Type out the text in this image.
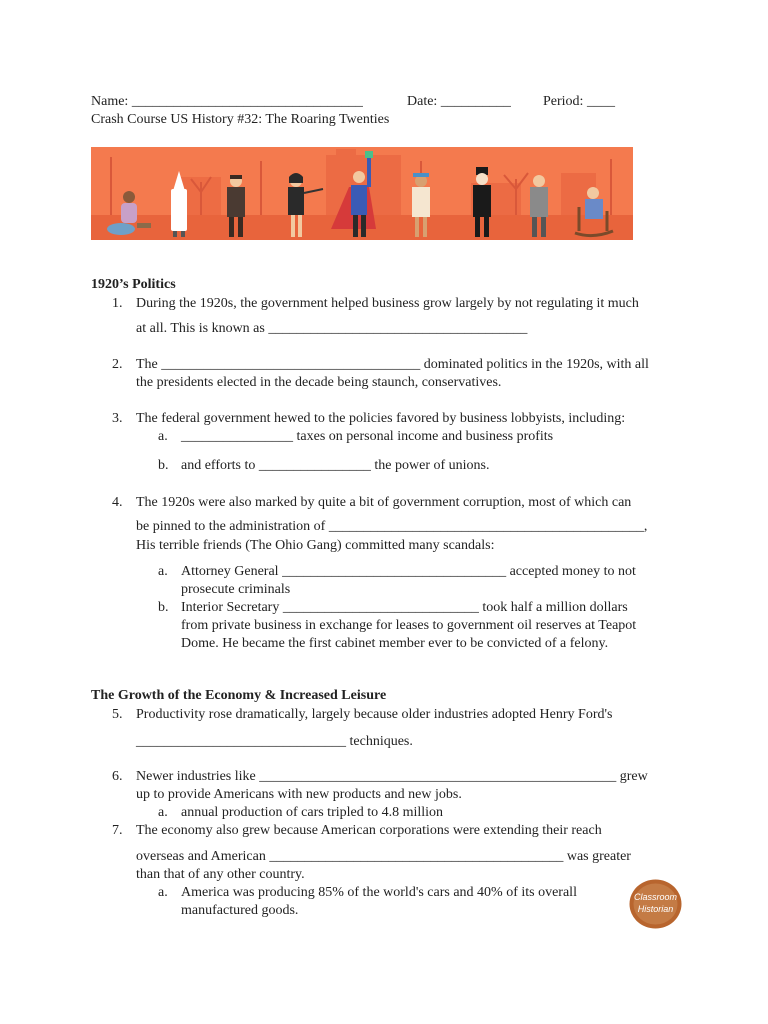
Name: _________________________________	Date: __________ Period: ____
Crash Course US History #32: The Roaring Twenties
1920’s Politics
1. During the 1920s, the government helped business grow largely by not regulating it much
at all. This is known as _____________________________________
2. The _____________________________________ dominated politics in the 1920s, with all
the presidents elected in the decade being staunch, conservatives.
3. The federal government hewed to the policies favored by business lobbyists, including:
a. ________________ taxes on personal income and business profits
b. and efforts to ________________ the power of unions.
4. The 1920s were also marked by quite a bit of government corruption, most of which can
be pinned to the administration of _____________________________________________,
His terrible friends (The Ohio Gang) committed many scandals:
a. Attorney General ________________________________ accepted money to not
prosecute criminals
b. Interior Secretary ____________________________ took half a million dollars
from private business in exchange for leases to government oil reserves at Teapot
Dome. He became the first cabinet member ever to be convicted of a felony.
The Growth of the Economy & Increased Leisure
5. Productivity rose dramatically, largely because older industries adopted Henry Ford's
______________________________ techniques.
6. Newer industries like ___________________________________________________ grew
up to provide Americans with new products and new jobs.
a. annual production of cars tripled to 4.8 million
7. The economy also grew because American corporations were extending their reach
overseas and American __________________________________________ was greater
than that of any other country.
a. America was producing 85% of the world's cars and 40% of its overall
manufactured goods.
Classroom
Historian
